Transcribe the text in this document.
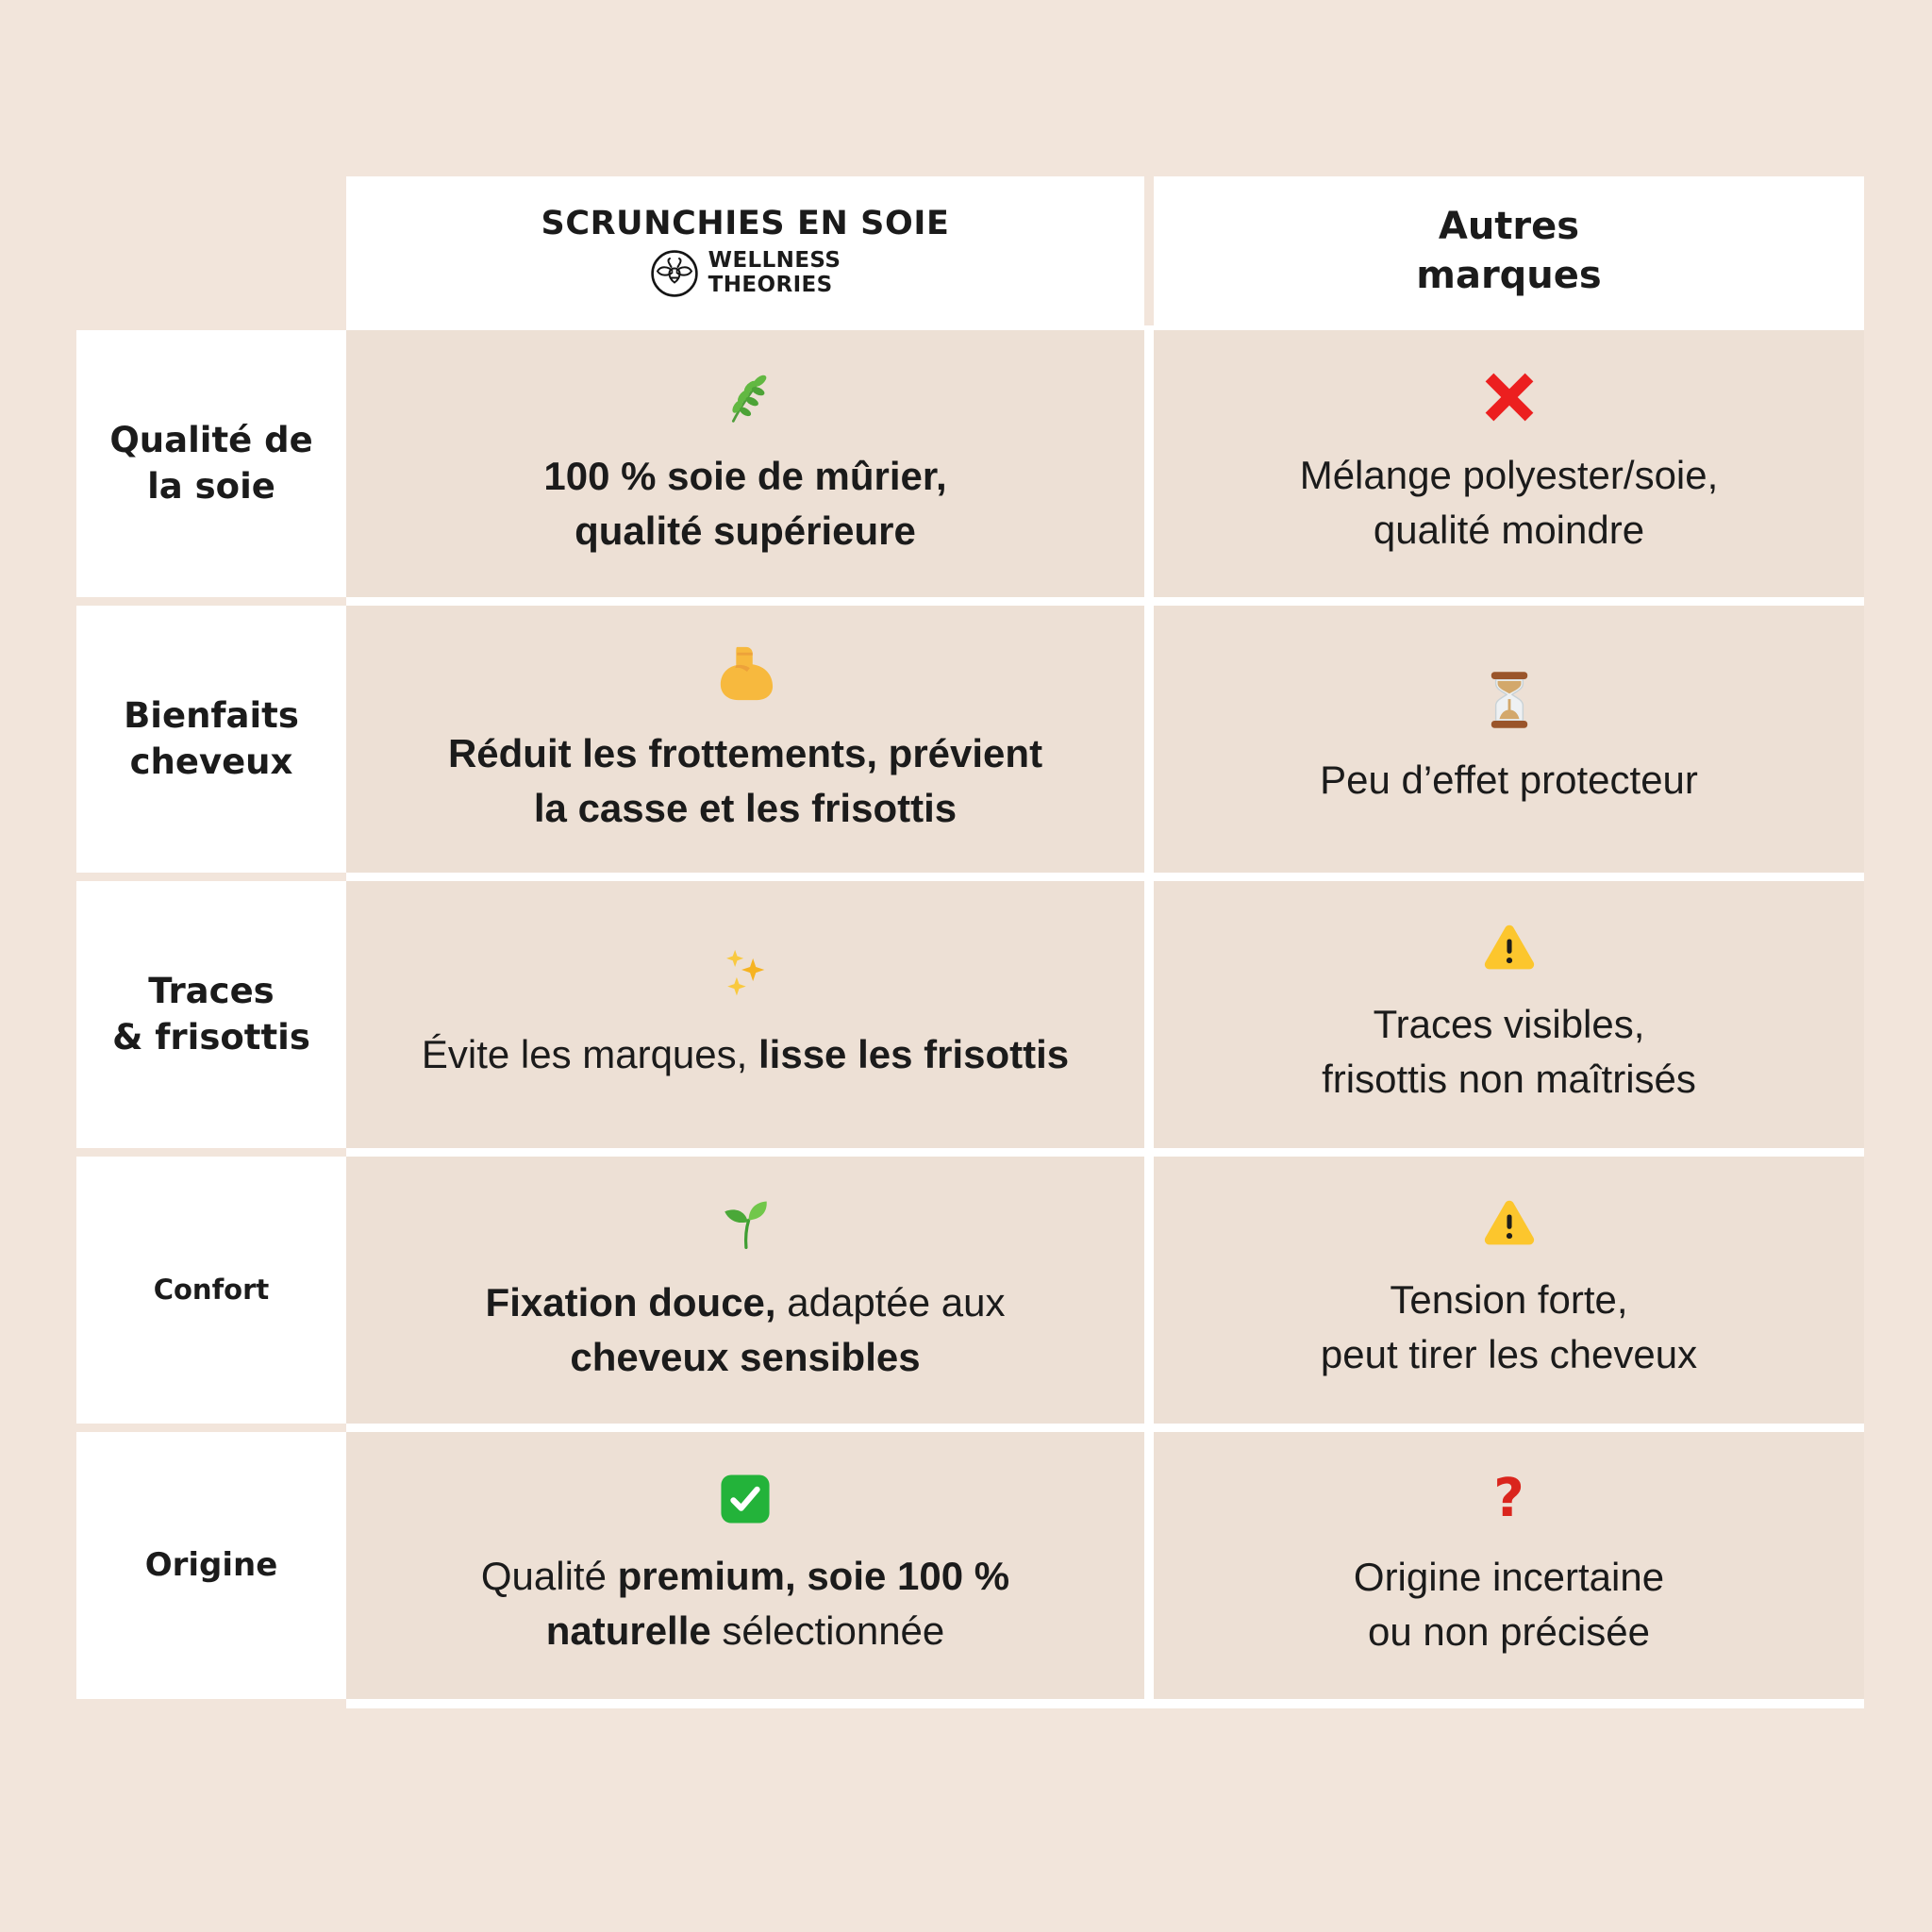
SCRUNCHIES EN SOIE
WELLNESS
THEORIES
Autres
marques

Qualité de
la soie

Bienfaits
cheveux

Traces
& frisottis

Confort

Origine

100 % soie de mûrier,
qualité supérieure

Mélange polyester/soie,
qualité moindre

Réduit les frottements, prévient
la casse et les frisottis

Peu d’effet protecteur

Évite les marques, lisse les frisottis

Traces visibles,
frisottis non maîtrisés

Fixation douce, adaptée aux
cheveux sensibles

Tension forte,
peut tirer les cheveux

Qualité premium, soie 100 %
naturelle sélectionnée

?

Origine incertaine
ou non précisée
